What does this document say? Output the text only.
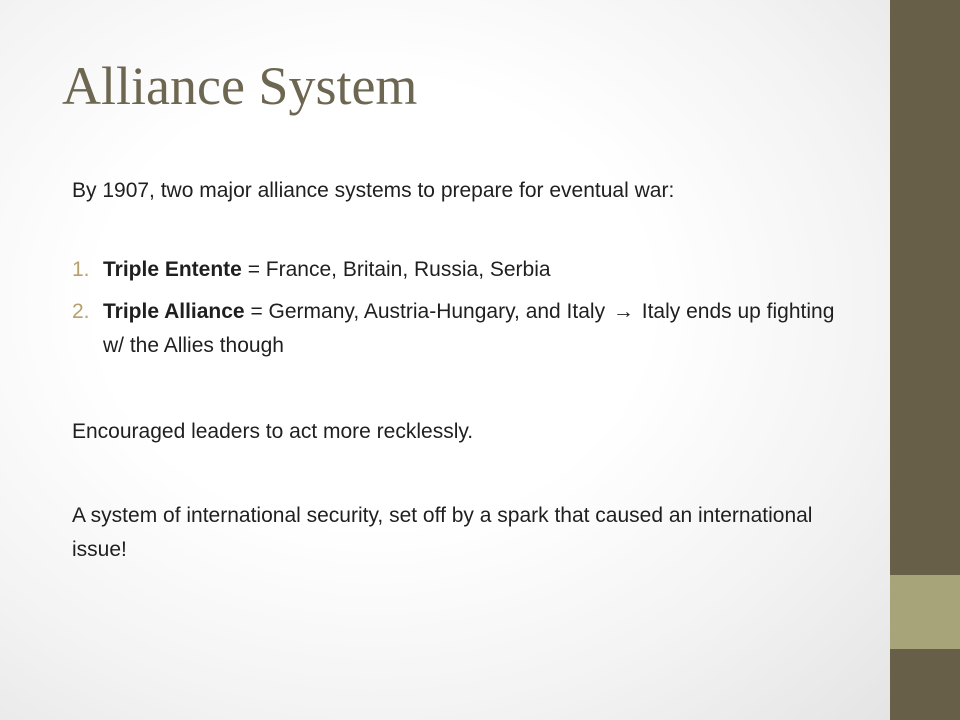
Alliance System
By 1907, two major alliance systems to prepare for eventual war:
1. Triple Entente = France, Britain, Russia, Serbia
2. Triple Alliance = Germany, Austria-Hungary, and Italy → Italy ends up fighting w/ the Allies though
Encouraged leaders to act more recklessly.
A system of international security, set off by a spark that caused an international issue!
